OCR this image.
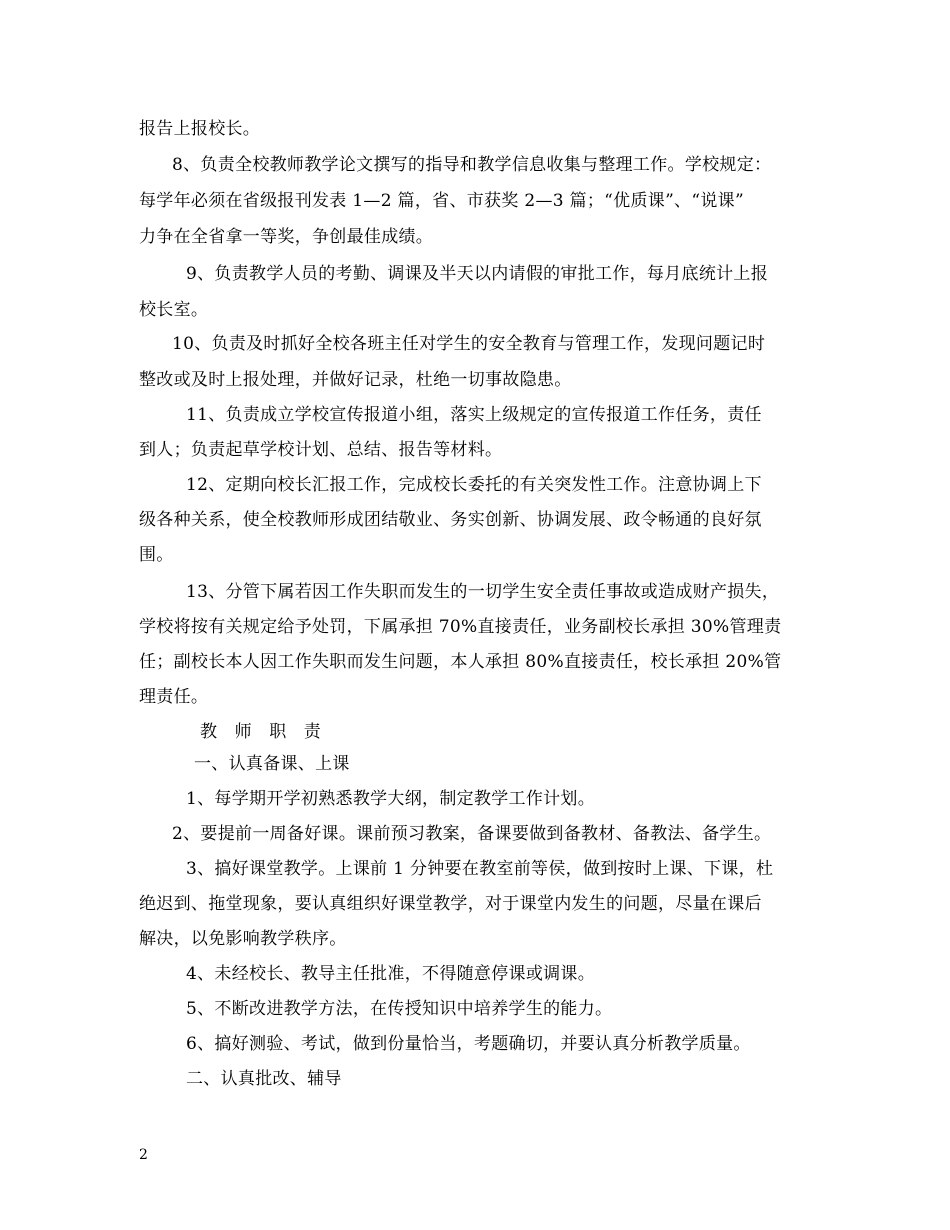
报告上报校长。
8、负责全校教师教学论文撰写的指导和教学信息收集与整理工作。学校规定：
每学年必须在省级报刊发表 1—2 篇，省、市获奖 2—3 篇；“优质课”、“说课”
力争在全省拿一等奖，争创最佳成绩。
9、负责教学人员的考勤、调课及半天以内请假的审批工作，每月底统计上报
校长室。
10、负责及时抓好全校各班主任对学生的安全教育与管理工作，发现问题记时
整改或及时上报处理，并做好记录，杜绝一切事故隐患。
11、负责成立学校宣传报道小组，落实上级规定的宣传报道工作任务，责任
到人；负责起草学校计划、总结、报告等材料。
12、定期向校长汇报工作，完成校长委托的有关突发性工作。注意协调上下
级各种关系，使全校教师形成团结敬业、务实创新、协调发展、政令畅通的良好氛
围。
13、分管下属若因工作失职而发生的一切学生安全责任事故或造成财产损失，
学校将按有关规定给予处罚，下属承担 70%直接责任，业务副校长承担 30%管理责
任；副校长本人因工作失职而发生问题，本人承担 80%直接责任，校长承担 20%管
理责任。
教　师　职　责
一、认真备课、上课
1、每学期开学初熟悉教学大纲，制定教学工作计划。
2、要提前一周备好课。课前预习教案，备课要做到备教材、备教法、备学生。
3、搞好课堂教学。上课前 1 分钟要在教室前等侯，做到按时上课、下课，杜
绝迟到、拖堂现象，要认真组织好课堂教学，对于课堂内发生的问题，尽量在课后
解决，以免影响教学秩序。
4、未经校长、教导主任批准，不得随意停课或调课。
5、不断改进教学方法，在传授知识中培养学生的能力。
6、搞好测验、考试，做到份量恰当，考题确切，并要认真分析教学质量。
二、认真批改、辅导
2
